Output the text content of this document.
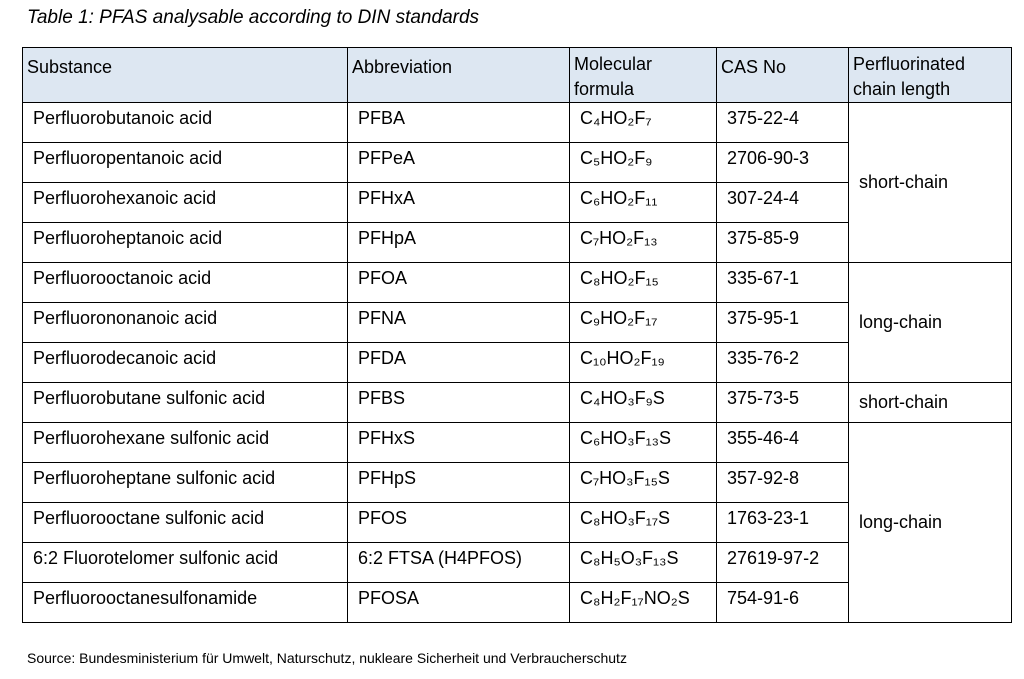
Table 1: PFAS analysable according to DIN standards
Substance	Abbreviation	Molecular formula	CAS No	Perfluorinated chain length
Perfluorobutanoic acid	PFBA	C₄HO₂F₇	375-22-4	short-chain
Perfluoropentanoic acid	PFPeA	C₅HO₂F₉	2706-90-3	
Perfluorohexanoic acid	PFHxA	C₆HO₂F₁₁	307-24-4	
Perfluoroheptanoic acid	PFHpA	C₇HO₂F₁₃	375-85-9	
Perfluorooctanoic acid	PFOA	C₈HO₂F₁₅	335-67-1	long-chain
Perfluorononanoic acid	PFNA	C₉HO₂F₁₇	375-95-1	
Perfluorodecanoic acid	PFDA	C₁₀HO₂F₁₉	335-76-2	
Perfluorobutane sulfonic acid	PFBS	C₄HO₃F₉S	375-73-5	short-chain
Perfluorohexane sulfonic acid	PFHxS	C₆HO₃F₁₃S	355-46-4	long-chain
Perfluoroheptane sulfonic acid	PFHpS	C₇HO₃F₁₅S	357-92-8	
Perfluorooctane sulfonic acid	PFOS	C₈HO₃F₁₇S	1763-23-1	
6:2 Fluorotelomer sulfonic acid	6:2 FTSA (H4PFOS)	C₈H₅O₃F₁₃S	27619-97-2	
Perfluorooctanesulfonamide	PFOSA	C₈H₂F₁₇NO₂S	754-91-6	
Source: Bundesministerium für Umwelt, Naturschutz, nukleare Sicherheit und Verbraucherschutz
